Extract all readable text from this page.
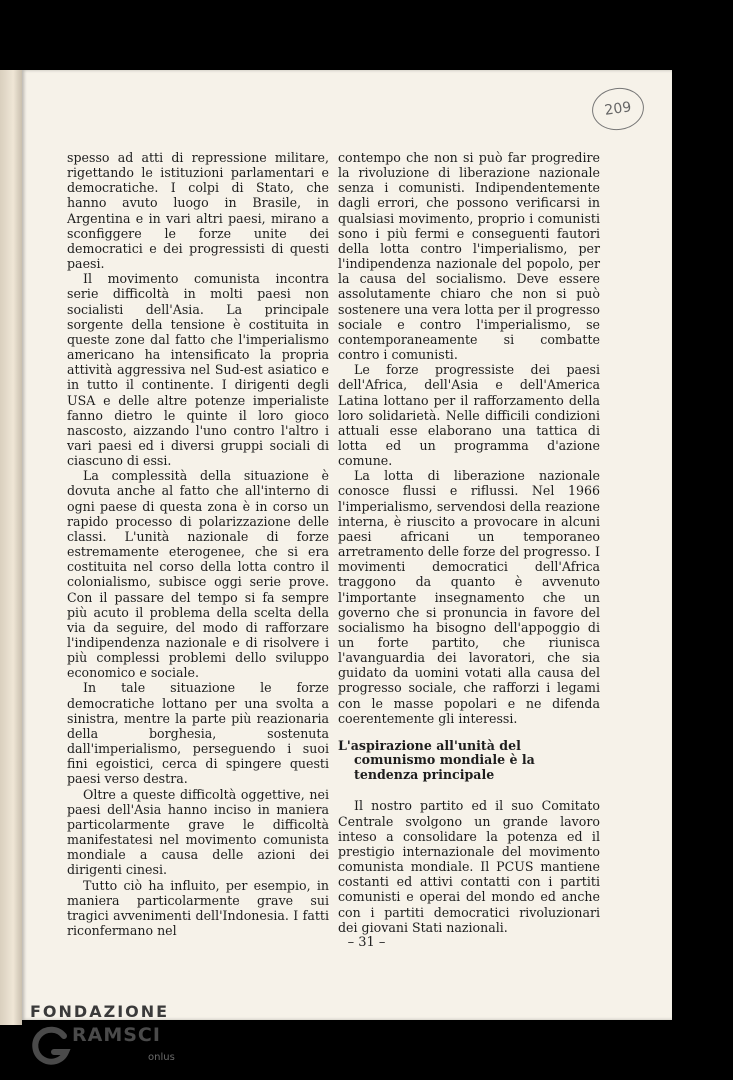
209

spesso ad atti di repressione militare, rigettando le istituzioni parlamentari e democratiche. I colpi di Stato, che hanno avuto luogo in Brasile, in Argentina e in vari altri paesi, mirano a sconfiggere le forze unite dei democratici e dei progressisti di questi paesi.

Il movimento comunista incontra serie difficoltà in molti paesi non socialisti dell'Asia. La principale sorgente della tensione è costituita in queste zone dal fatto che l'imperialismo americano ha intensificato la propria attività aggressiva nel Sud-est asiatico e in tutto il continente. I dirigenti degli USA e delle altre potenze imperialiste fanno dietro le quinte il loro gioco nascosto, aizzando l'uno contro l'altro i vari paesi ed i diversi gruppi sociali di ciascuno di essi.

La complessità della situazione è dovuta anche al fatto che all'interno di ogni paese di questa zona è in corso un rapido processo di polarizzazione delle classi. L'unità nazionale di forze estremamente eterogenee, che si era costituita nel corso della lotta contro il colonialismo, subisce oggi serie prove. Con il passare del tempo si fa sempre più acuto il problema della scelta della via da seguire, del modo di rafforzare l'indipendenza nazionale e di risolvere i più complessi problemi dello sviluppo economico e sociale.

In tale situazione le forze democratiche lottano per una svolta a sinistra, mentre la parte più reazionaria della borghesia, sostenuta dall'imperialismo, perseguendo i suoi fini egoistici, cerca di spingere questi paesi verso destra.

Oltre a queste difficoltà oggettive, nei paesi dell'Asia hanno inciso in maniera particolarmente grave le difficoltà manifestatesi nel movimento comunista mondiale a causa delle azioni dei dirigenti cinesi.

Tutto ciò ha influito, per esempio, in maniera particolarmente grave sui tragici avvenimenti dell'Indonesia. I fatti riconfermano nel

contempo che non si può far progredire la rivoluzione di liberazione nazionale senza i comunisti. Indipendentemente dagli errori, che possono verificarsi in qualsiasi movimento, proprio i comunisti sono i più fermi e conseguenti fautori della lotta contro l'imperialismo, per l'indipendenza nazionale del popolo, per la causa del socialismo. Deve essere assolutamente chiaro che non si può sostenere una vera lotta per il progresso sociale e contro l'imperialismo, se contemporaneamente si combatte contro i comunisti.

Le forze progressiste dei paesi dell'Africa, dell'Asia e dell'America Latina lottano per il rafforzamento della loro solidarietà. Nelle difficili condizioni attuali esse elaborano una tattica di lotta ed un programma d'azione comune.

La lotta di liberazione nazionale conosce flussi e riflussi. Nel 1966 l'imperialismo, servendosi della reazione interna, è riuscito a provocare in alcuni paesi africani un temporaneo arretramento delle forze del progresso. I movimenti democratici dell'Africa traggono da quanto è avvenuto l'importante insegnamento che un governo che si pronuncia in favore del socialismo ha bisogno dell'appoggio di un forte partito, che riunisca l'avanguardia dei lavoratori, che sia guidato da uomini votati alla causa del progresso sociale, che rafforzi i legami con le masse popolari e ne difenda coerentemente gli interessi.

L'aspirazione all'unità del comunismo mondiale è la tendenza principale

Il nostro partito ed il suo Comitato Centrale svolgono un grande lavoro inteso a consolidare la potenza ed il prestigio internazionale del movimento comunista mondiale. Il PCUS mantiene costanti ed attivi contatti con i partiti comunisti e operai del mondo ed anche con i partiti democratici rivoluzionari dei giovani Stati nazionali.

– 31 –
FONDAZIONE
RAMSCI
onlus
